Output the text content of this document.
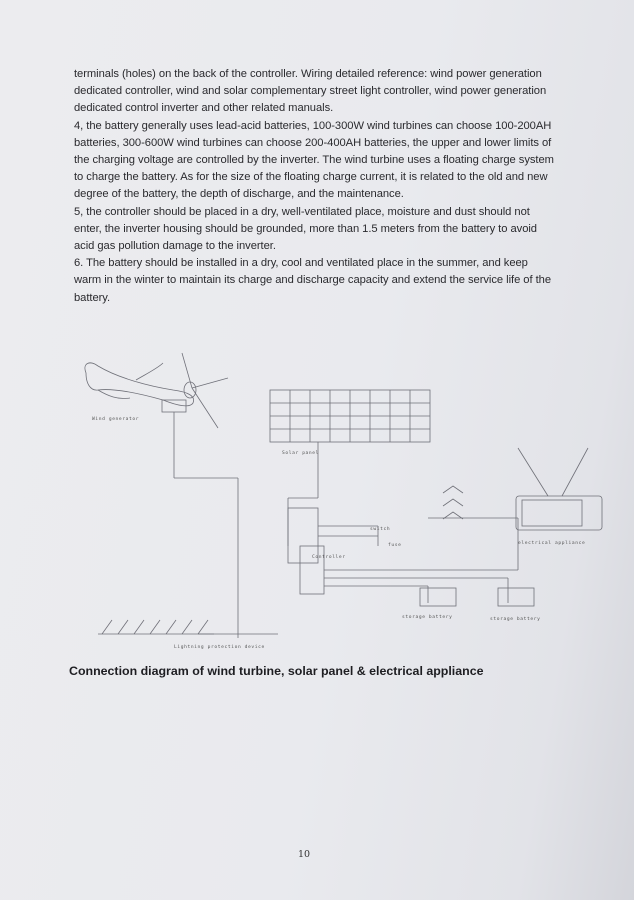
terminals (holes) on the back of the controller. Wiring detailed reference: wind power generation dedicated controller, wind and solar complementary street light controller, wind power generation dedicated control inverter and other related manuals.

4, the battery generally uses lead-acid batteries, 100-300W wind turbines can choose 100-200AH batteries, 300-600W wind turbines can choose 200-400AH batteries, the upper and lower limits of the charging voltage are controlled by the inverter. The wind turbine uses a floating charge system to charge the battery. As for the size of the floating charge current, it is related to the old and new degree of the battery, the depth of discharge, and the maintenance.

5, the controller should be placed in a dry, well-ventilated place, moisture and dust should not enter, the inverter housing should be grounded, more than 1.5 meters from the battery to avoid acid gas pollution damage to the inverter.

6. The battery should be installed in a dry, cool and ventilated place in the summer, and keep warm in the winter to maintain its charge and discharge capacity and extend the service life of the battery.

Wind generator
Solar panel
switch
fuse
Controller
electrical appliance
storage battery	storage battery
Lightning protection device
Connection diagram of wind turbine, solar panel & electrical appliance
10
